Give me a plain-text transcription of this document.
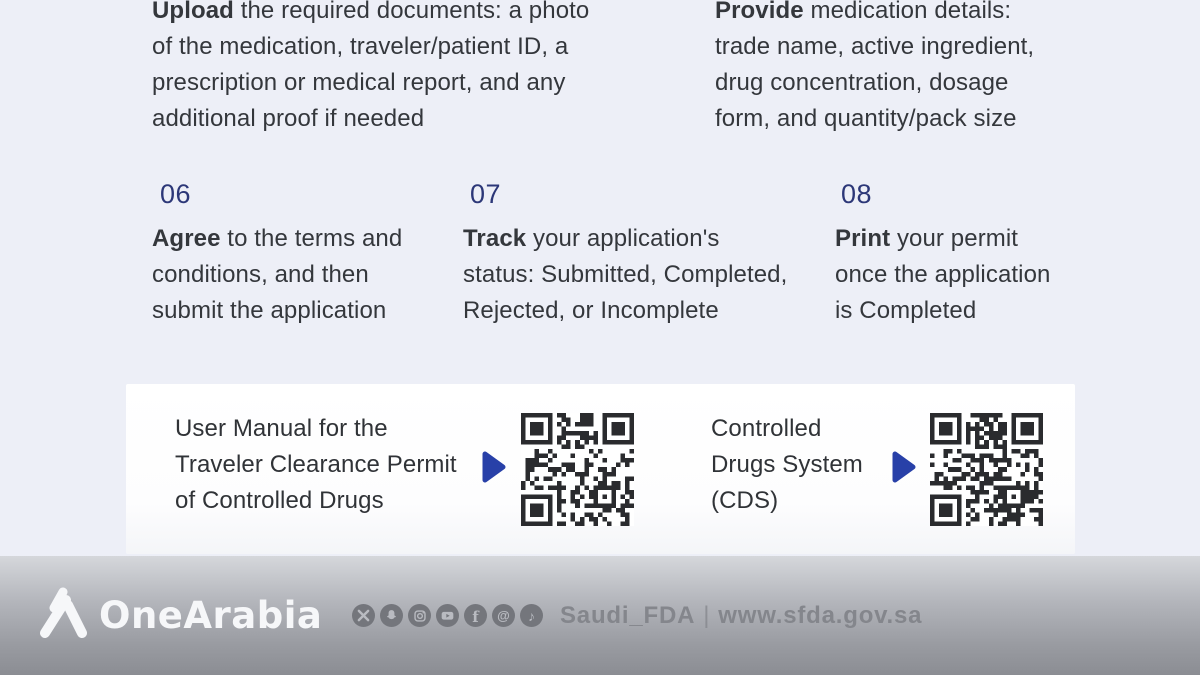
Upload the required documents: a photo
of the medication, traveler/patient ID, a
prescription or medical report, and any
additional proof if needed
Provide medication details:
trade name, active ingredient,
drug concentration, dosage
form, and quantity/pack size
06
Agree to the terms and
conditions, and then
submit the application
07
Track your application's
status: Submitted, Completed,
Rejected, or Incomplete
08
Print your permit
once the application
is Completed
User Manual for the
Traveler Clearance Permit
of Controlled Drugs
Controlled
Drugs System
(CDS)
OneArabia	f @ ♪ Saudi_FDA | www.sfda.gov.sa
